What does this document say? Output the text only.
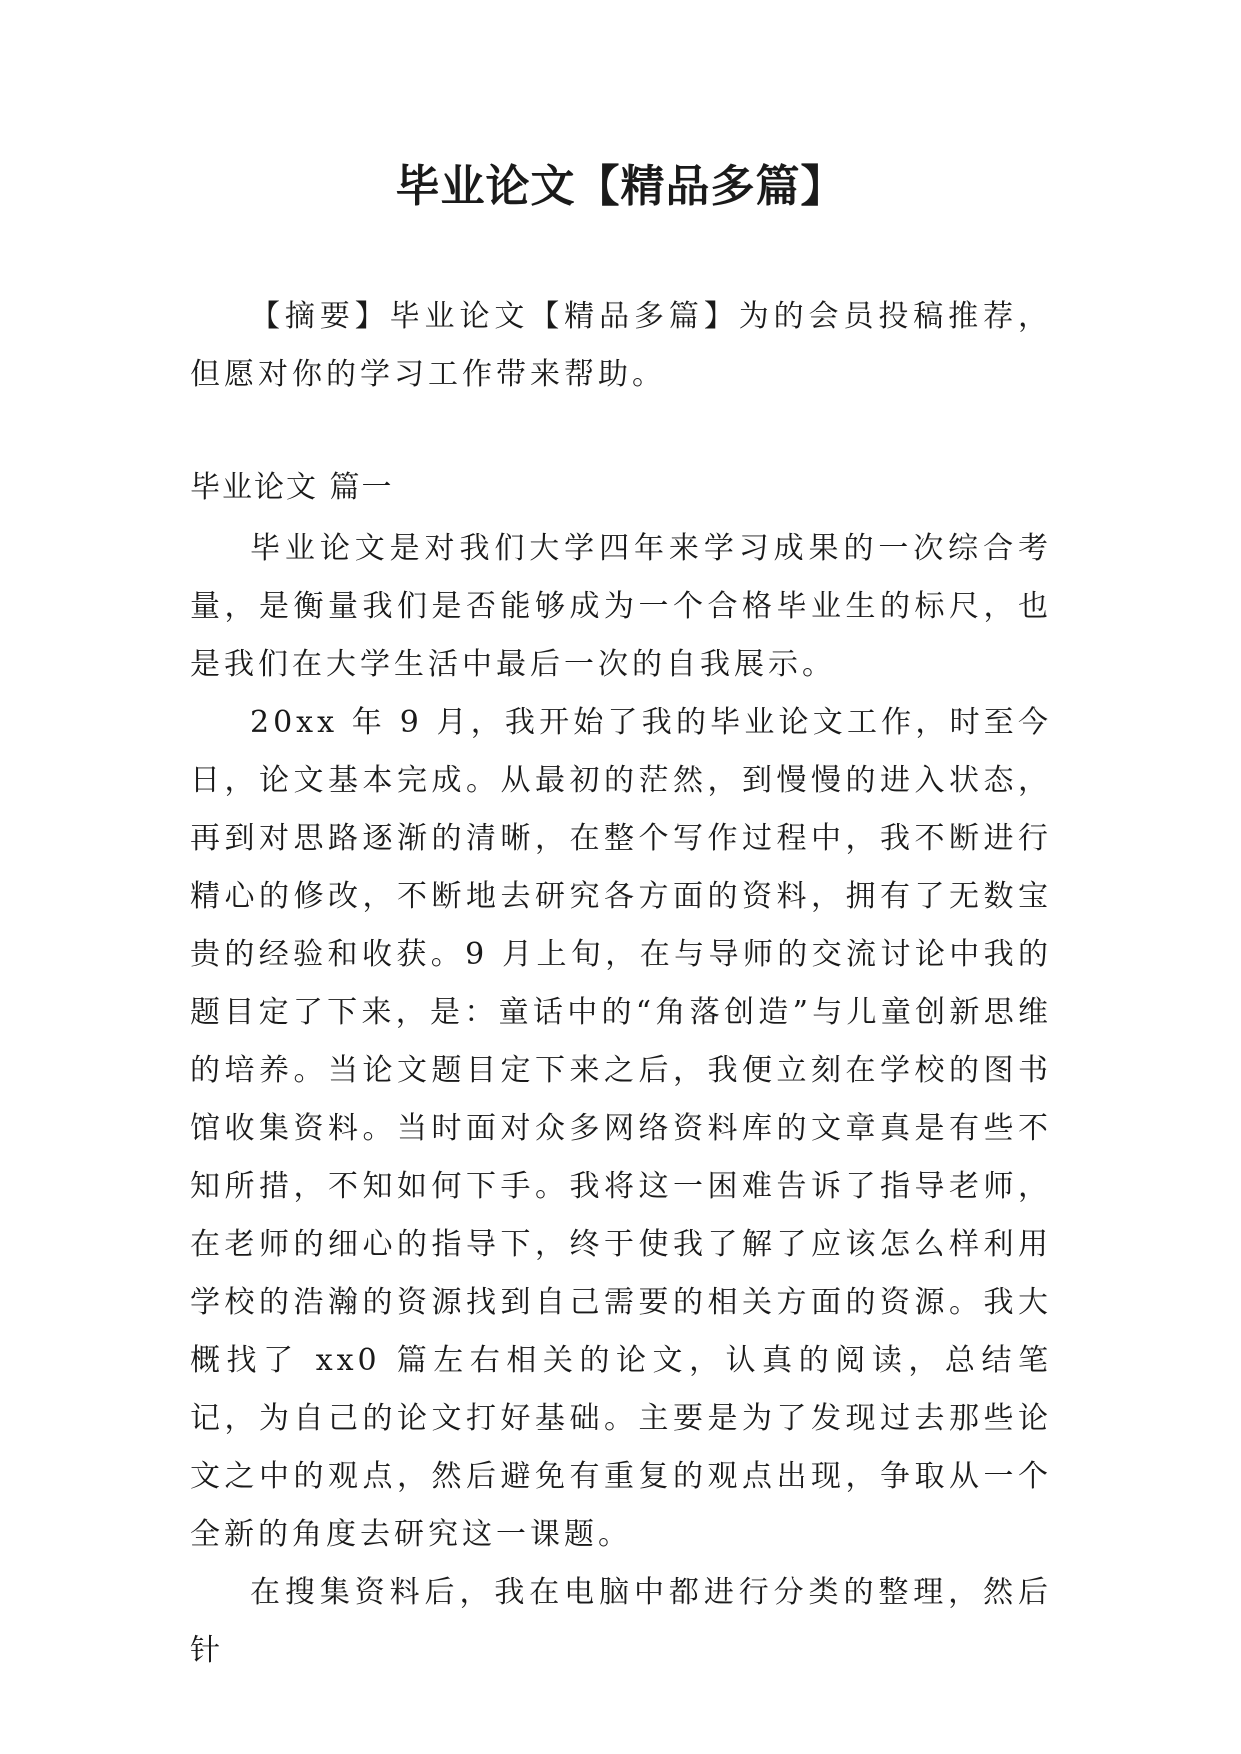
毕业论文【精品多篇】

【摘要】毕业论文【精品多篇】为的会员投稿推荐，但愿对你的学习工作带来帮助。

毕业论文 篇一

毕业论文是对我们大学四年来学习成果的一次综合考量，是衡量我们是否能够成为一个合格毕业生的标尺，也是我们在大学生活中最后一次的自我展示。

20xx 年 9 月，我开始了我的毕业论文工作，时至今日，论文基本完成。从最初的茫然，到慢慢的进入状态，再到对思路逐渐的清晰，在整个写作过程中，我不断进行精心的修改，不断地去研究各方面的资料，拥有了无数宝贵的经验和收获。9 月上旬，在与导师的交流讨论中我的题目定了下来，是：童话中的“角落创造”与儿童创新思维的培养。当论文题目定下来之后，我便立刻在学校的图书馆收集资料。当时面对众多网络资料库的文章真是有些不知所措，不知如何下手。我将这一困难告诉了指导老师，在老师的细心的指导下，终于使我了解了应该怎么样利用学校的浩瀚的资源找到自己需要的相关方面的资源。我大概找了 xx0 篇左右相关的论文，认真的阅读，总结笔记，为自己的论文打好基础。主要是为了发现过去那些论文之中的观点，然后避免有重复的观点出现，争取从一个全新的角度去研究这一课题。

在搜集资料后，我在电脑中都进行分类的整理，然后针
